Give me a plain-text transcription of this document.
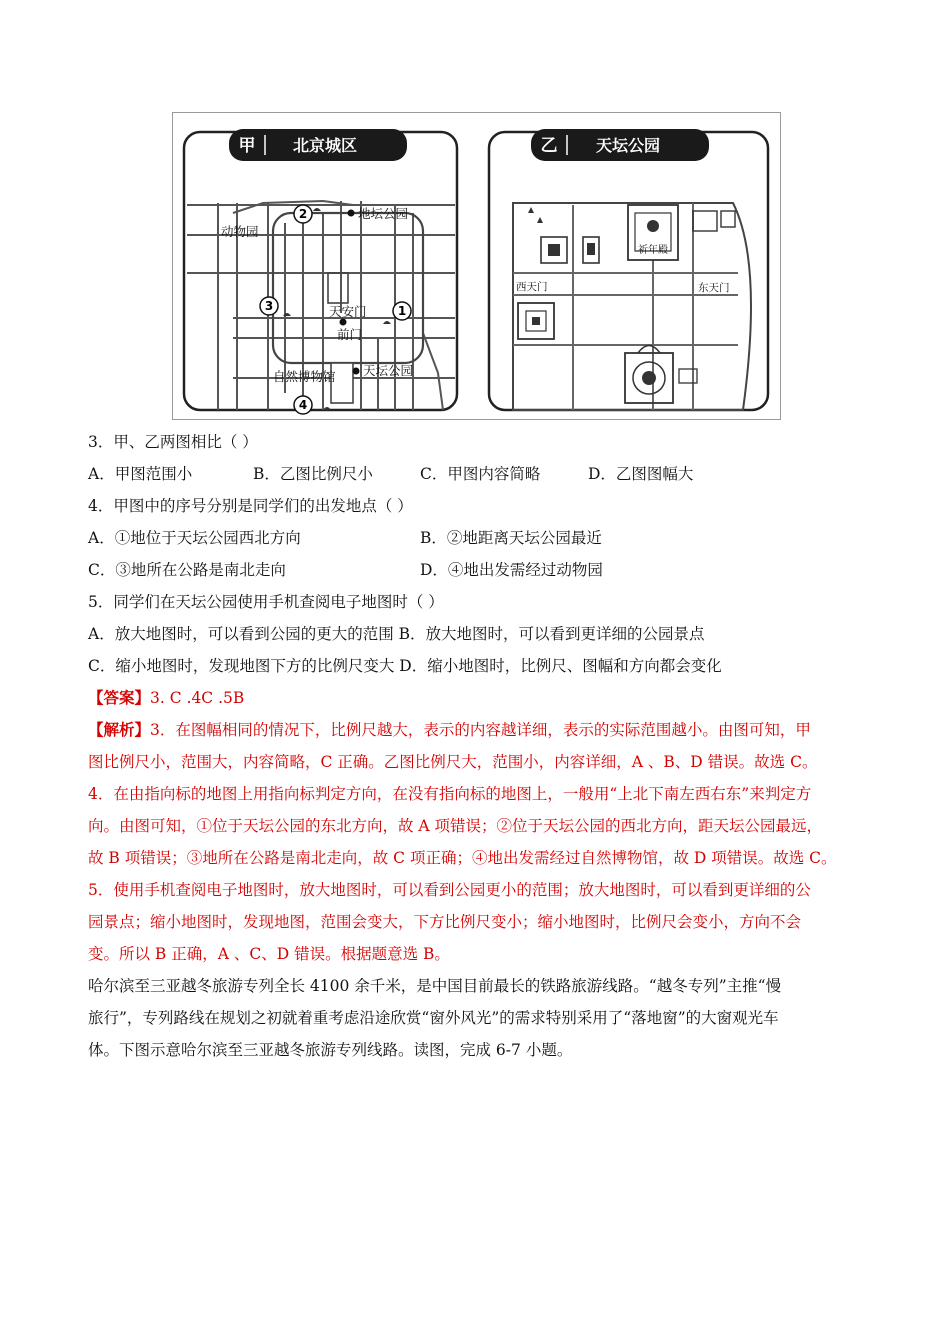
甲 北京城区
2
3	1
4
动物园
地坛公园
天安门
前门
自然博物馆 天坛公园
乙 天坛公园
祈年殿
西天门	东天门
3．甲、乙两图相比（ ）
A．甲图范围小	B．乙图比例尺小	C．甲图内容简略	D．乙图图幅大
4．甲图中的序号分别是同学们的出发地点（ ）
A．①地位于天坛公园西北方向	B．②地距离天坛公园最近
C．③地所在公路是南北走向	D．④地出发需经过动物园
5．同学们在天坛公园使用手机查阅电子地图时（ ）
A．放大地图时，可以看到公园的更大的范围 B．放大地图时，可以看到更详细的公园景点
C．缩小地图时，发现地图下方的比例尺变大 D．缩小地图时，比例尺、图幅和方向都会变化
【答案】3. C .4C .5B
【解析】3．在图幅相同的情况下，比例尺越大，表示的内容越详细，表示的实际范围越小。由图可知，甲
图比例尺小，范围大，内容简略，C 正确。乙图比例尺大，范围小，内容详细，A 、B、D 错误。故选 C。
4．在由指向标的地图上用指向标判定方向，在没有指向标的地图上，一般用“上北下南左西右东”来判定方
向。由图可知，①位于天坛公园的东北方向，故 A 项错误；②位于天坛公园的西北方向，距天坛公园最远，
故 B 项错误；③地所在公路是南北走向，故 C 项正确；④地出发需经过自然博物馆，故 D 项错误。故选 C。
5．使用手机查阅电子地图时，放大地图时，可以看到公园更小的范围；放大地图时，可以看到更详细的公
园景点；缩小地图时，发现地图，范围会变大，下方比例尺变小；缩小地图时，比例尺会变小，方向不会
变。所以 B 正确，A 、C、D 错误。根据题意选 B。
哈尔滨至三亚越冬旅游专列全长 4100 余千米，是中国目前最长的铁路旅游线路。“越冬专列”主推“慢
旅行”，专列路线在规划之初就着重考虑沿途欣赏“窗外风光”的需求特别采用了“落地窗”的大窗观光车
体。下图示意哈尔滨至三亚越冬旅游专列线路。读图，完成 6-7 小题。
